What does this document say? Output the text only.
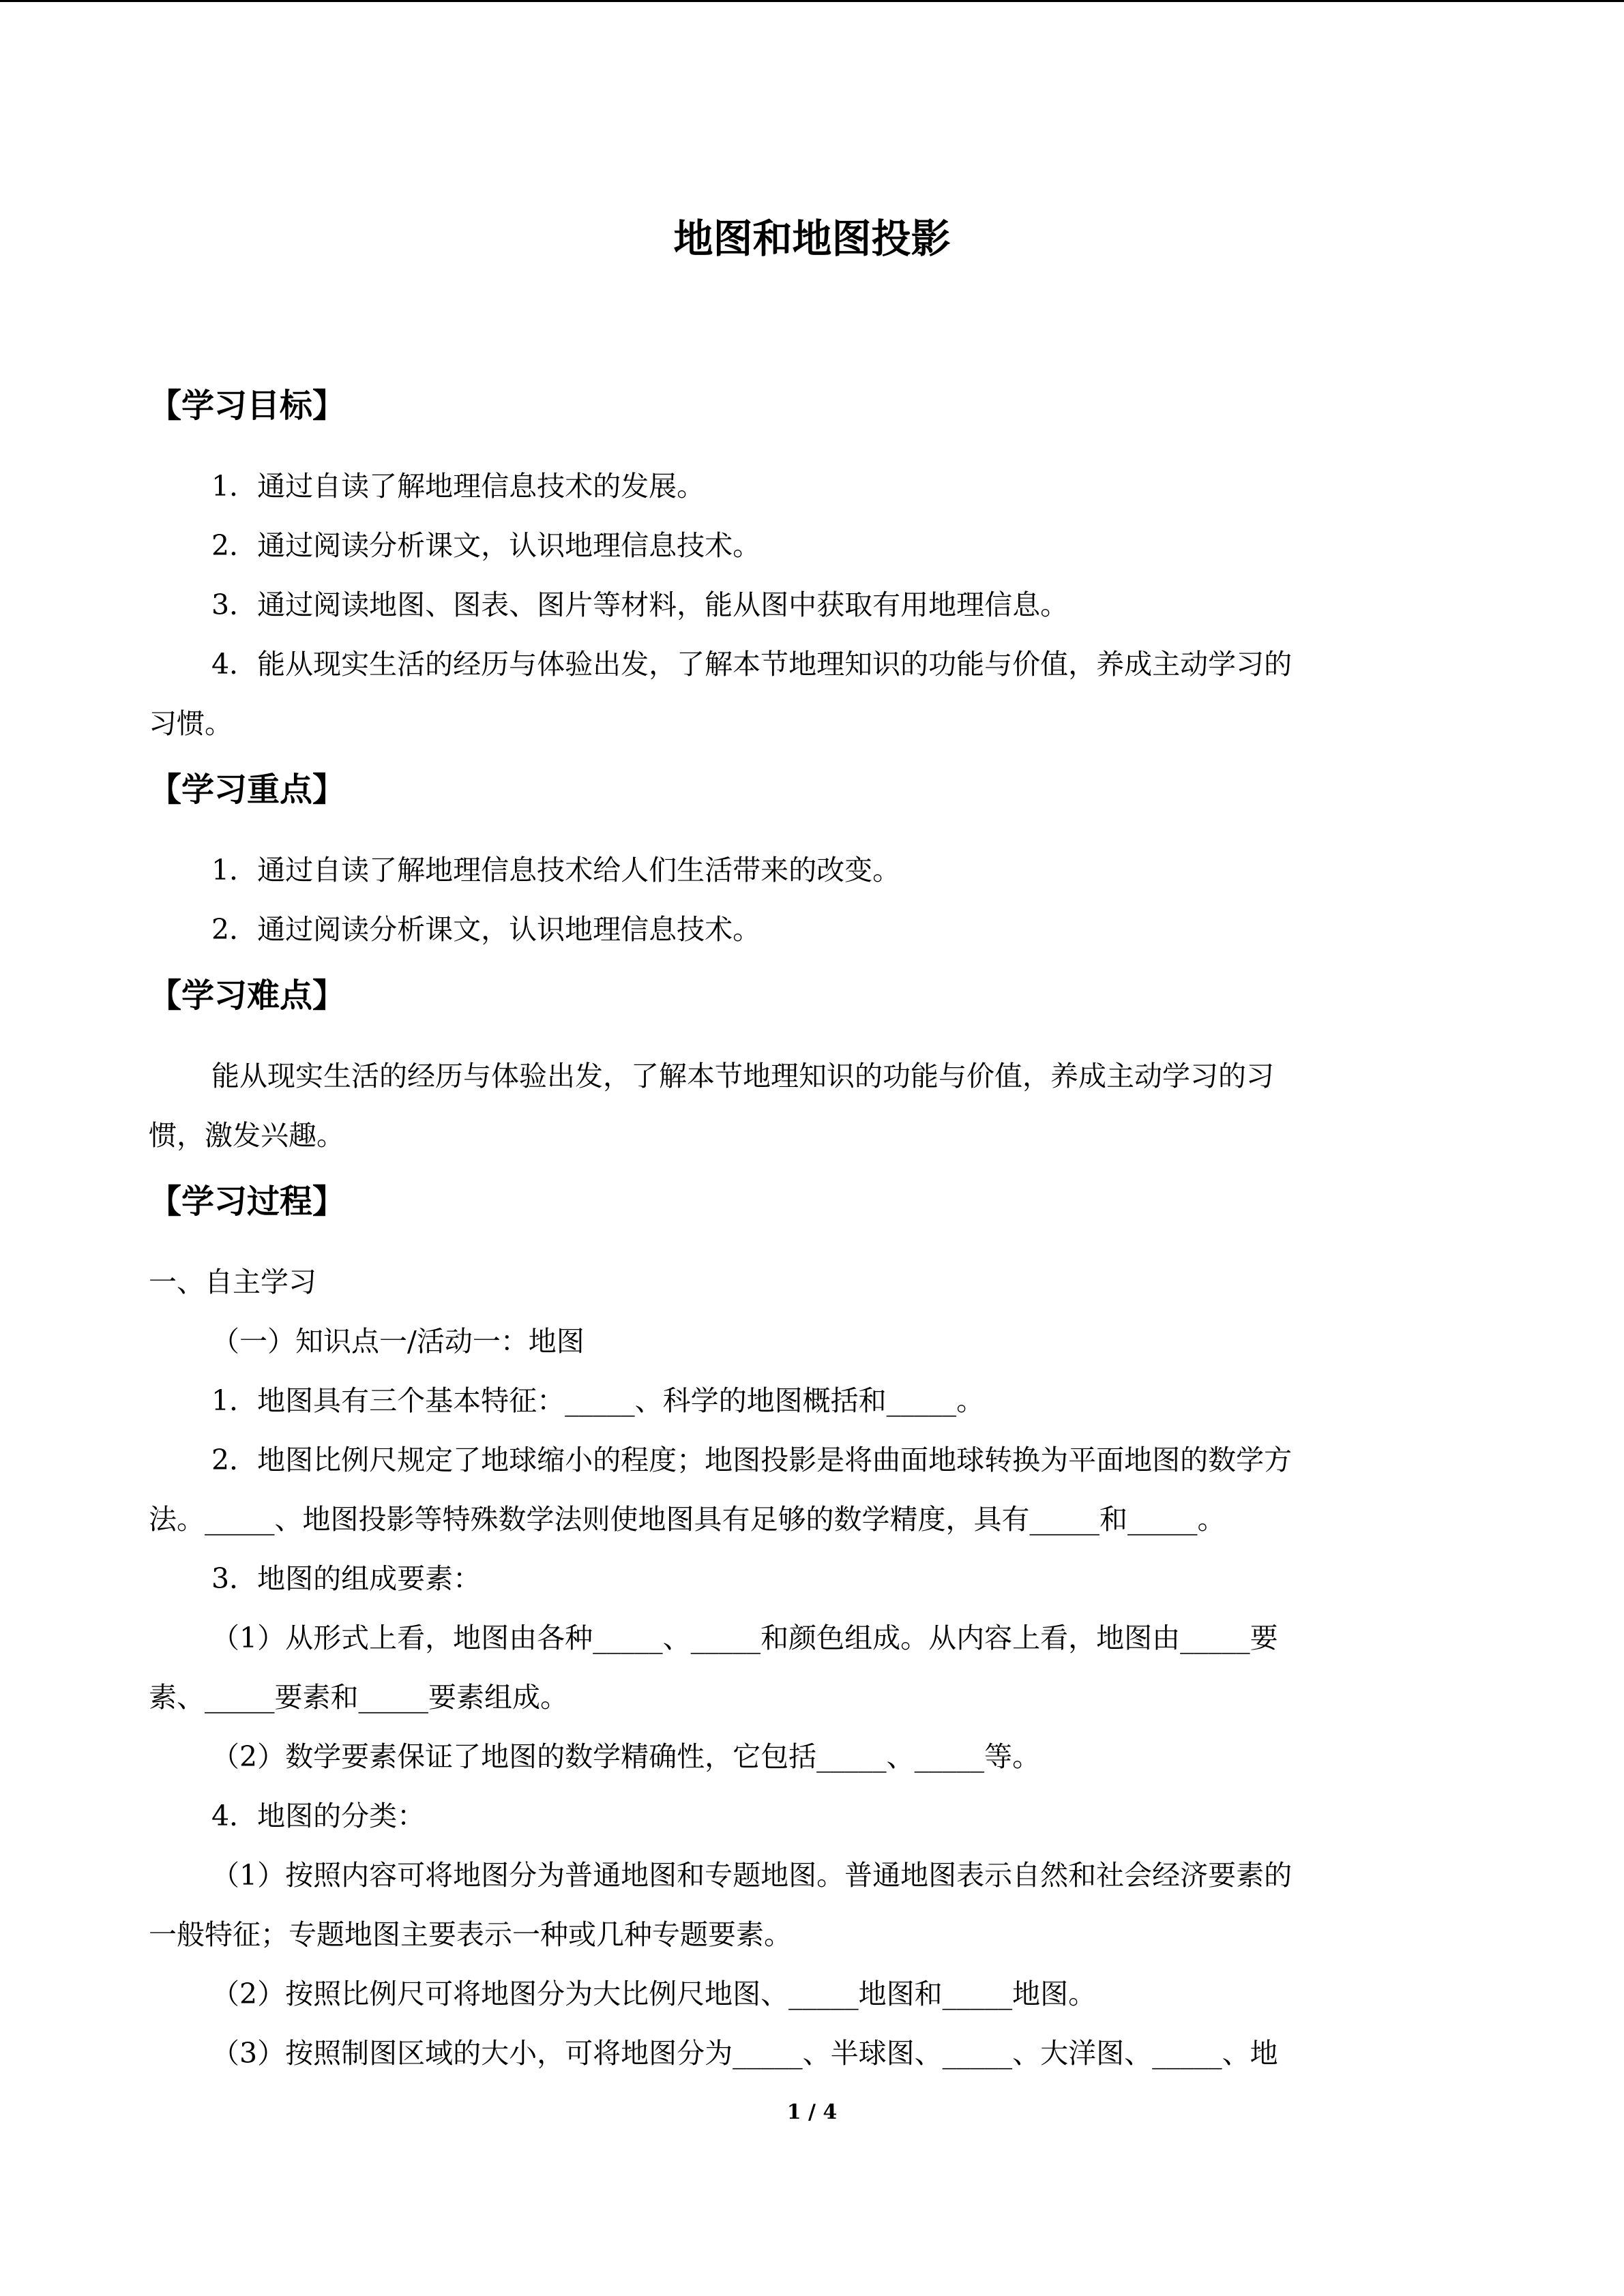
地图和地图投影
【学习目标】
1．通过自读了解地理信息技术的发展。
2．通过阅读分析课文，认识地理信息技术。
3．通过阅读地图、图表、图片等材料，能从图中获取有用地理信息。
4．能从现实生活的经历与体验出发，了解本节地理知识的功能与价值，养成主动学习的
习惯。
【学习重点】
1．通过自读了解地理信息技术给人们生活带来的改变。
2．通过阅读分析课文，认识地理信息技术。
【学习难点】
能从现实生活的经历与体验出发，了解本节地理知识的功能与价值，养成主动学习的习
惯，激发兴趣。
【学习过程】
一、自主学习
（一）知识点一/活动一：地图
1．地图具有三个基本特征：_____、科学的地图概括和_____。
2．地图比例尺规定了地球缩小的程度；地图投影是将曲面地球转换为平面地图的数学方
法。_____、地图投影等特殊数学法则使地图具有足够的数学精度，具有_____和_____。
3．地图的组成要素：
（1）从形式上看，地图由各种_____、_____和颜色组成。从内容上看，地图由_____要
素、_____要素和_____要素组成。
（2）数学要素保证了地图的数学精确性，它包括_____、_____等。
4．地图的分类：
（1）按照内容可将地图分为普通地图和专题地图。普通地图表示自然和社会经济要素的
一般特征；专题地图主要表示一种或几种专题要素。
（2）按照比例尺可将地图分为大比例尺地图、_____地图和_____地图。
（3）按照制图区域的大小，可将地图分为_____、半球图、_____、大洋图、_____、地
1 / 4
